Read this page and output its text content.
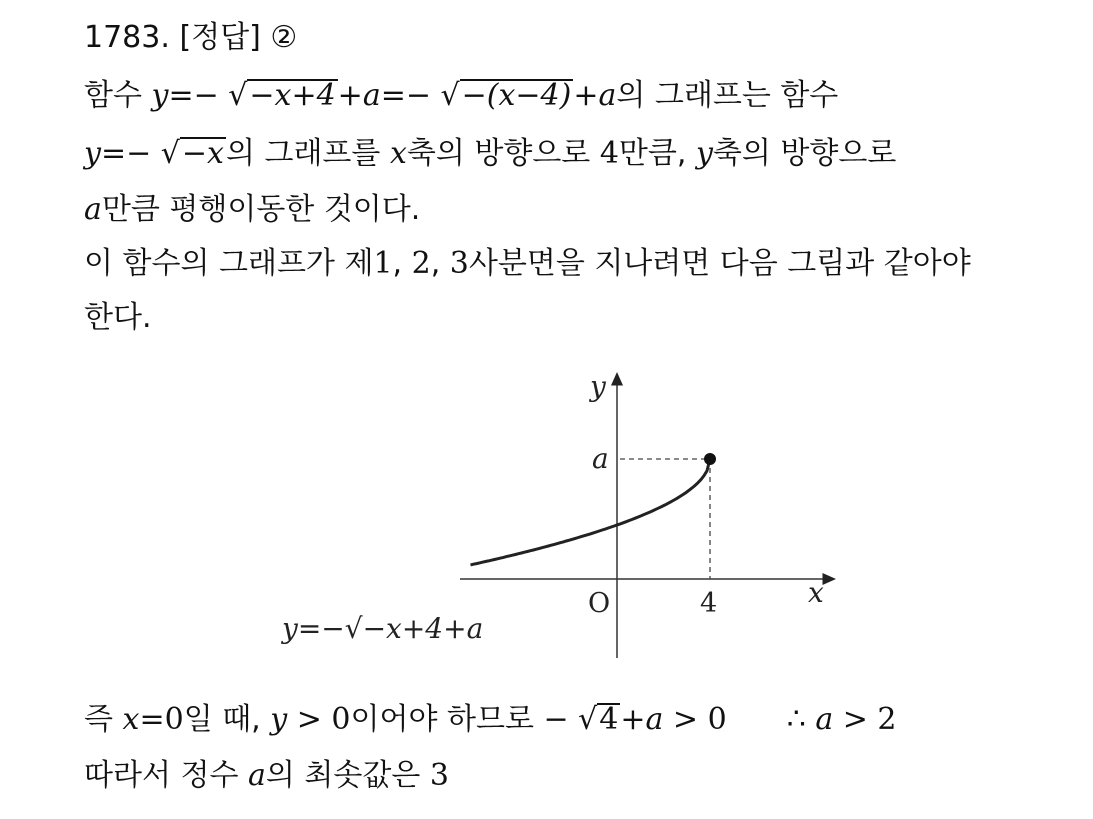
1783. [정답] ②
함수 y=− √−x+4+a=− √−(x−4)+a의 그래프는 함수
y=− √−x의 그래프를 x축의 방향으로 4만큼, y축의 방향으로
a만큼 평행이동한 것이다.
이 함수의 그래프가 제1, 2, 3사분면을 지나려면 다음 그림과 같아야
한다.
y
x
O
a
4
y=−√−x+4+a
즉 x=0일 때, y > 0이어야 하므로 − √4+a > 0 ∴ a > 2
따라서 정수 a의 최솟값은 3
